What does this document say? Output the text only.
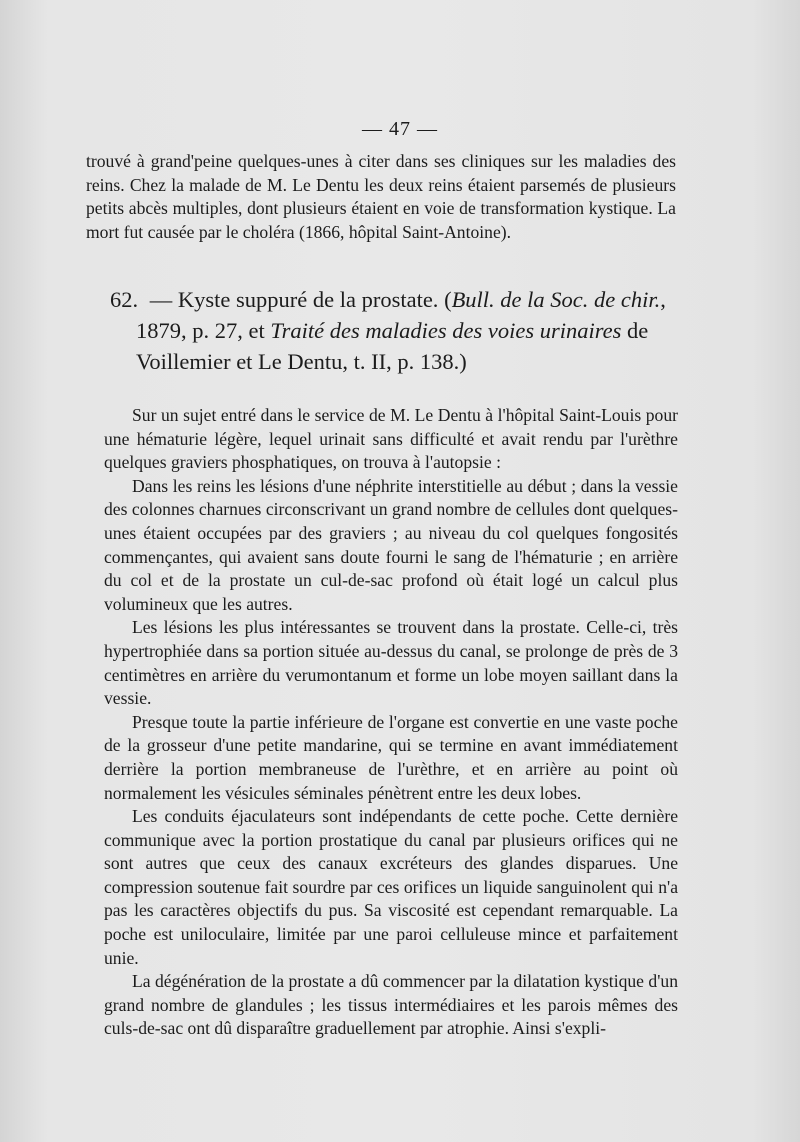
— 47 —

trouvé à grand'peine quelques-unes à citer dans ses cliniques sur les maladies des reins. Chez la malade de M. Le Dentu les deux reins étaient parsemés de plusieurs petits abcès multiples, dont plusieurs étaient en voie de transformation kystique. La mort fut causée par le choléra (1866, hôpital Saint-Antoine).

62. — Kyste suppuré de la prostate. (Bull. de la Soc. de chir., 1879, p. 27, et Traité des maladies des voies urinaires de Voillemier et Le Dentu, t. II, p. 138.)

Sur un sujet entré dans le service de M. Le Dentu à l'hôpital Saint-Louis pour une hématurie légère, lequel urinait sans difficulté et avait rendu par l'urèthre quelques graviers phosphatiques, on trouva à l'autopsie :

Dans les reins les lésions d'une néphrite interstitielle au début ; dans la vessie des colonnes charnues circonscrivant un grand nombre de cellules dont quelques-unes étaient occupées par des graviers ; au niveau du col quelques fongosités commençantes, qui avaient sans doute fourni le sang de l'hématurie ; en arrière du col et de la prostate un cul-de-sac profond où était logé un calcul plus volumineux que les autres.

Les lésions les plus intéressantes se trouvent dans la prostate. Celle-ci, très hypertrophiée dans sa portion située au-dessus du canal, se prolonge de près de 3 centimètres en arrière du verumontanum et forme un lobe moyen saillant dans la vessie.

Presque toute la partie inférieure de l'organe est convertie en une vaste poche de la grosseur d'une petite mandarine, qui se termine en avant immédiatement derrière la portion membraneuse de l'urèthre, et en arrière au point où normalement les vésicules séminales pénètrent entre les deux lobes.

Les conduits éjaculateurs sont indépendants de cette poche. Cette dernière communique avec la portion prostatique du canal par plusieurs orifices qui ne sont autres que ceux des canaux excréteurs des glandes disparues. Une compression soutenue fait sourdre par ces orifices un liquide sanguinolent qui n'a pas les caractères objectifs du pus. Sa viscosité est cependant remarquable. La poche est uniloculaire, limitée par une paroi celluleuse mince et parfaitement unie.

La dégénération de la prostate a dû commencer par la dilatation kystique d'un grand nombre de glandules ; les tissus intermédiaires et les parois mêmes des culs-de-sac ont dû disparaître graduellement par atrophie. Ainsi s'expli-
